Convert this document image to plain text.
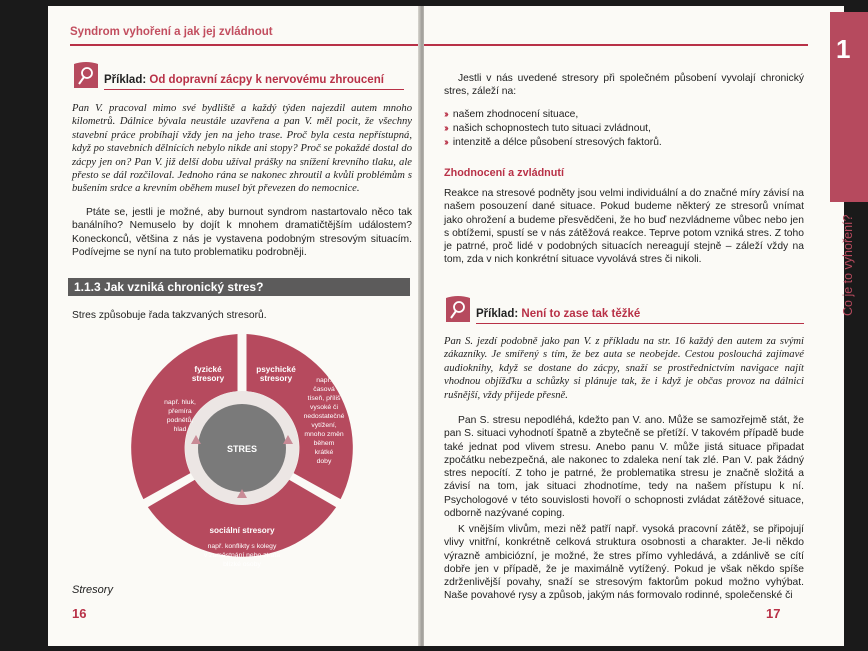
Syndrom vyhoření a jak jej zvládnout
Příklad: Od dopravní zácpy k nervovému zhroucení
Pan V. pracoval mimo své bydliště a každý týden najezdil autem mnoho kilometrů. Dálnice bývala neustále uzavřena a pan V. měl pocit, že všechny stavební práce probíhají vždy jen na jeho trase. Proč byla cesta nepřístupná, když po stavebních dělnících nebylo nikde ani stopy? Proč se pokaždé dostal do zácpy jen on? Pan V. již delší dobu užíval prášky na snížení krevního tlaku, ale přesto se dál rozčiloval. Jednoho rána se nakonec zhroutil a kvůli problémům s bušením srdce a krevním oběhem musel být převezen do nemocnice.
Ptáte se, jestli je možné, aby burnout syndrom nastartovalo něco tak banálního? Nemuselo by dojít k mnohem dramatičtějším událostem? Koneckonců, většina z nás je vystavena podobným stresovým situacím. Podívejme se nyní na tuto problematiku podrobněji.
1.1.3 Jak vzniká chronický stres?
Stres způsobuje řada takzvaných stresorů.
STRES
fyzické
stresory
psychické
stresory
sociální stresory
např. hluk,
přemíra
podnětů,
hlad
např.
časová
tíseň, příliš
vysoké či
nedostatečné
vytížení,
mnoho změn
během
krátké
doby
např. konflikty s kolegy
v zaměstnání nebo ztráta
blízké osoby
Stresory
16
1
Co je to vyhoření?
Jestli v nás uvedené stresory při společném působení vyvolají chronický stres, záleží na:
›› našem zhodnocení situace,
›› našich schopnostech tuto situaci zvládnout,
›› intenzitě a délce působení stresových faktorů.
Zhodnocení a zvládnutí
Reakce na stresové podněty jsou velmi individuální a do značné míry závisí na našem posouzení dané situace. Pokud budeme některý ze stresorů vnímat jako ohrožení a budeme přesvědčeni, že ho buď nezvládneme vůbec nebo jen s obtížemi, spustí se v nás zátěžová reakce. Teprve potom vzniká stres. Z toho je patrné, proč lidé v podobných situacích nereagují stejně – záleží vždy na tom, zda v nich konkrétní situace vyvolává stres či nikoli.
Příklad: Není to zase tak těžké
Pan S. jezdí podobně jako pan V. z příkladu na str. 16 každý den autem za svými zákazníky. Je smířený s tím, že bez auta se neobejde. Cestou poslouchá zajímavé audioknihy, když se dostane do zácpy, snaží se prostřednictvím navigace najít vhodnou objížďku a schůzky si plánuje tak, že i když je občas provoz na dálnici rušnější, vždy přijede přesně.
Pan S. stresu nepodléhá, kdežto pan V. ano. Může se samozřejmě stát, že pan S. situaci vyhodnotí špatně a zbytečně se přetíží. V takovém případě bude také jednat pod vlivem stresu. Anebo panu V. může jistá situace připadat zpočátku nebezpečná, ale nakonec to zdaleka není tak zlé. Pan V. pak žádný stres nepocítí. Z toho je patrné, že problematika stresu je značně složitá a závisí na tom, jak situaci zhodnotíme, tedy na našem přístupu k ní. Psychologové v této souvislosti hovoří o schopnosti zvládat zátěžové situace, odborně nazývané coping.
K vnějším vlivům, mezi něž patří např. vysoká pracovní zátěž, se připojují vlivy vnitřní, konkrétně celková struktura osobnosti a charakter. Je-li někdo výrazně ambiciózní, je možné, že stres přímo vyhledává, a zdánlivě se cítí dobře jen v případě, že je maximálně vytížený. Pokud je však někdo spíše zdrženlivější povahy, snaží se stresovým faktorům pokud možno vyhýbat. Naše povahové rysy a způsob, jakým nás formovalo rodinné, společenské či
17
